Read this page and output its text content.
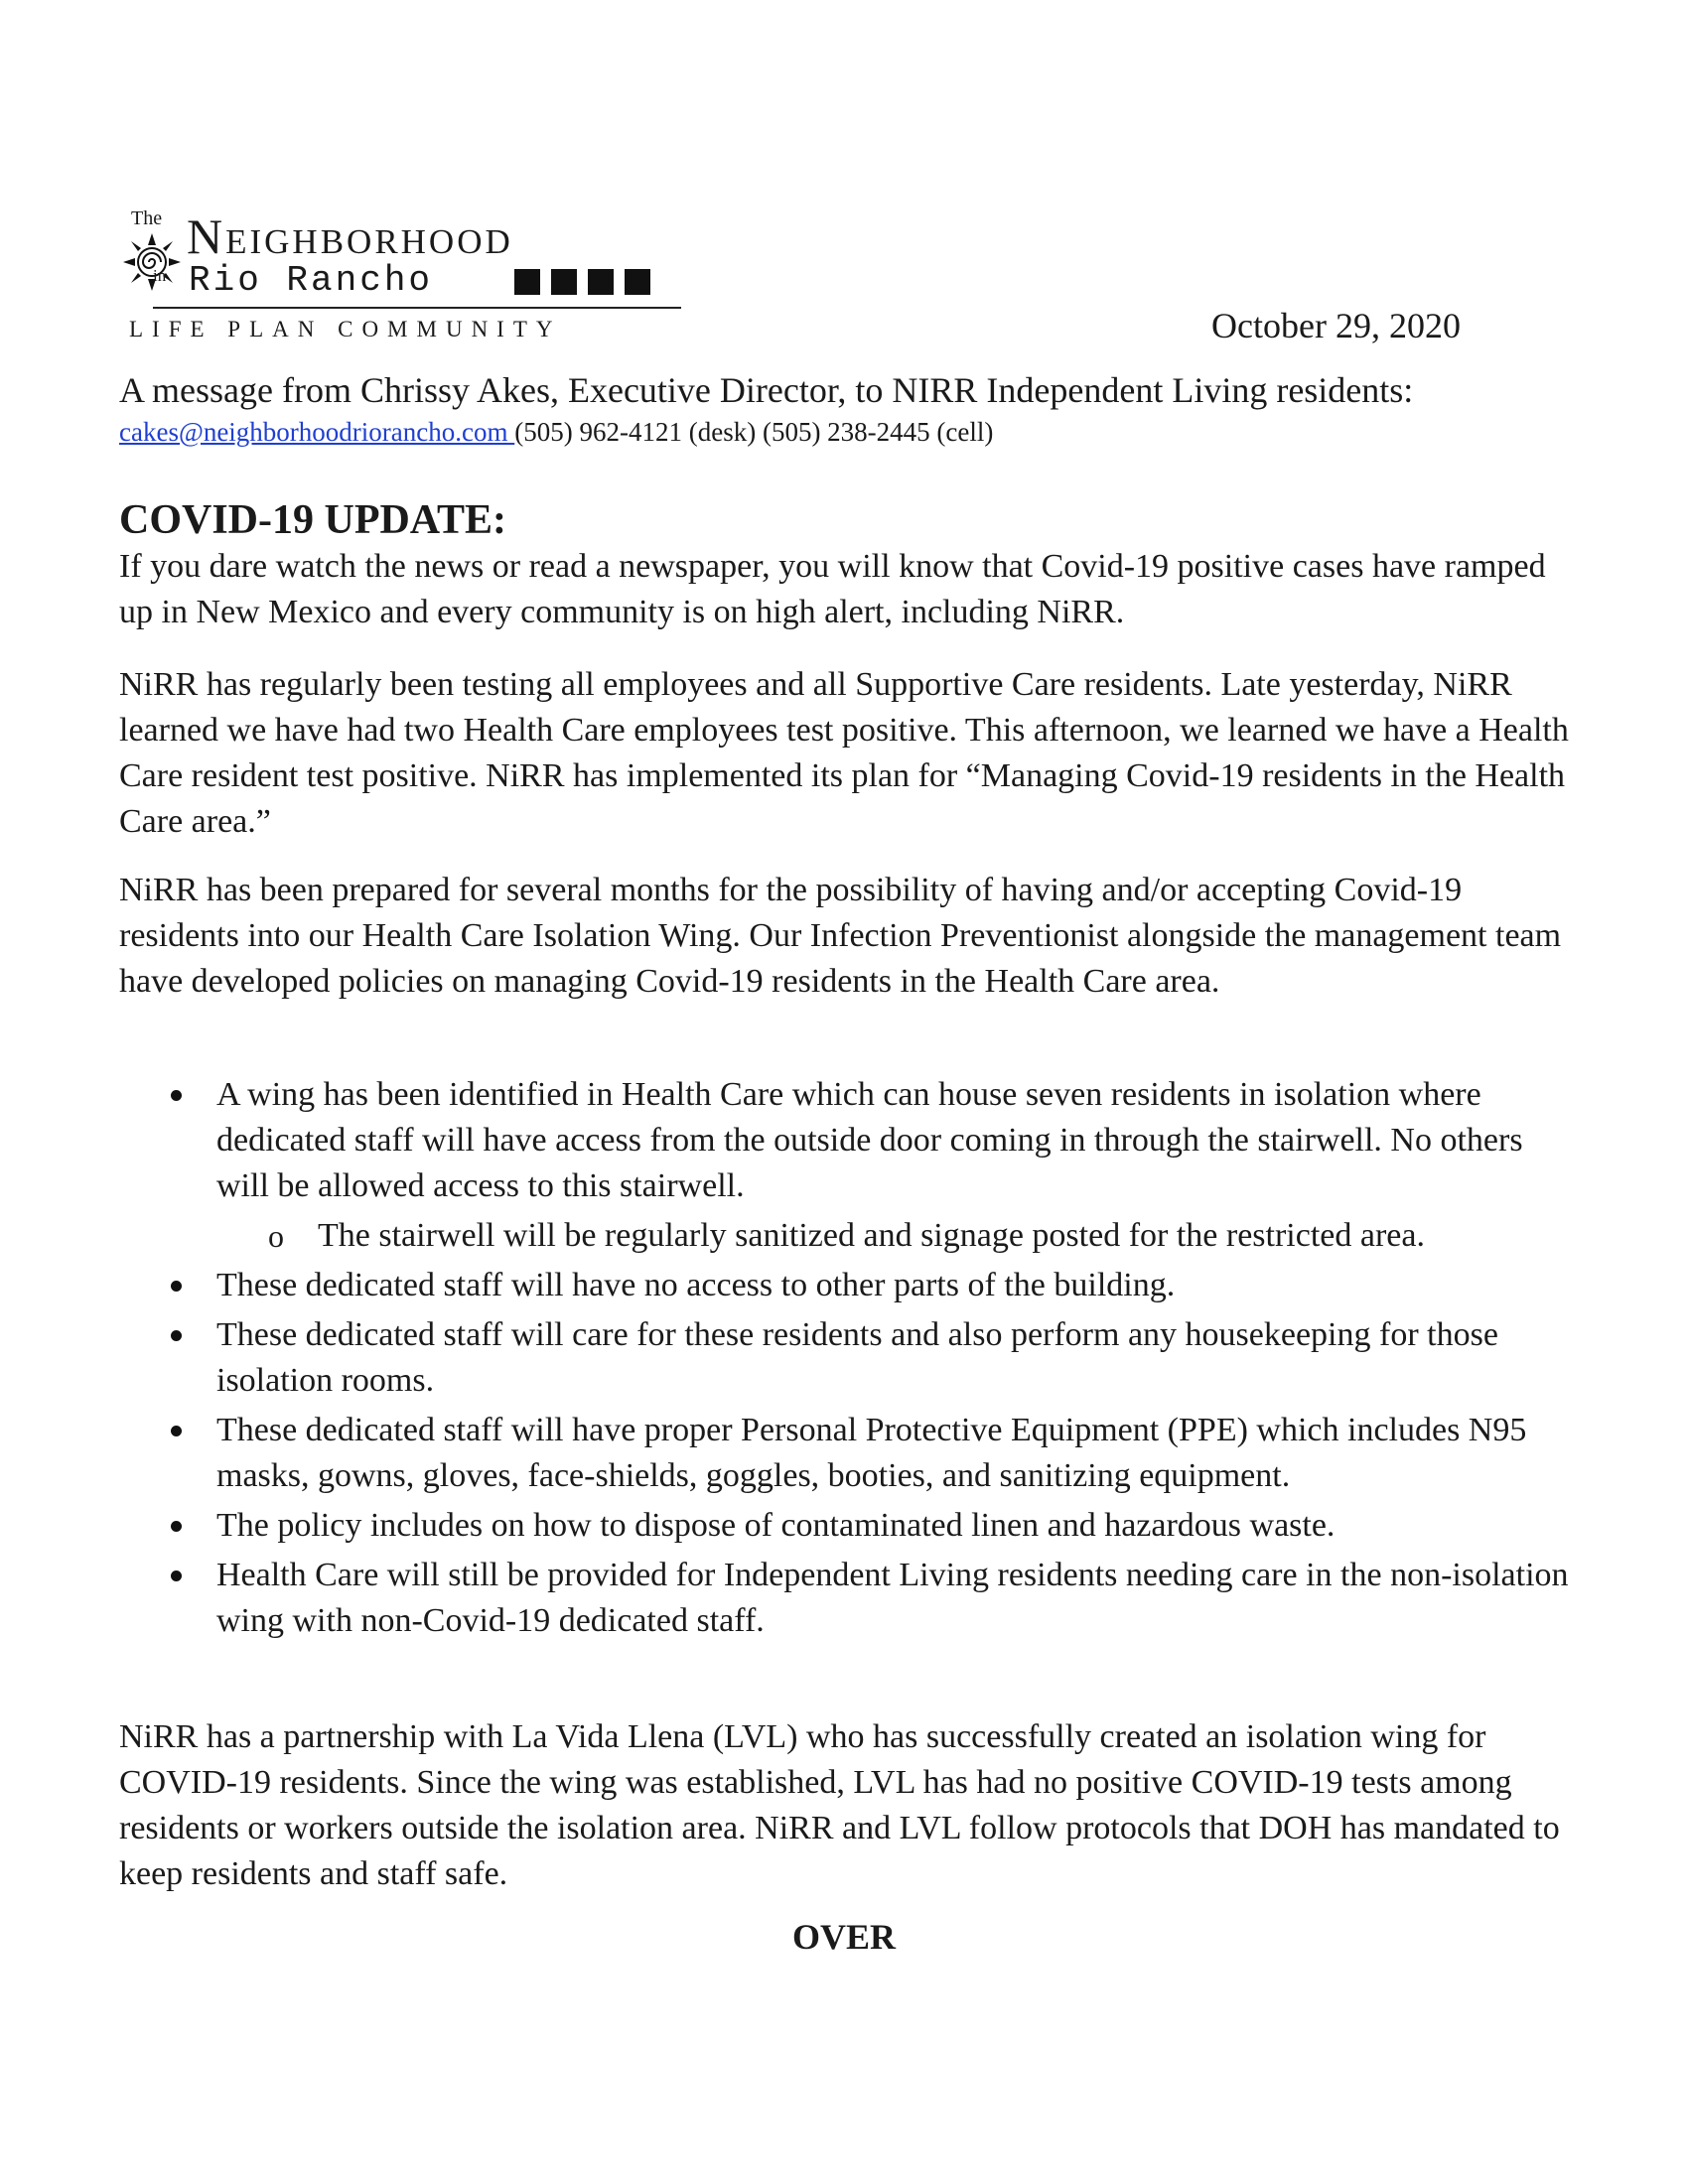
The Neighborhood
in Rio Rancho
LIFE PLAN COMMUNITY	October 29, 2020
A message from Chrissy Akes, Executive Director, to NIRR Independent Living residents:
cakes@neighborhoodriorancho.com (505) 962-4121 (desk) (505) 238-2445 (cell)
COVID-19 UPDATE:

If you dare watch the news or read a newspaper, you will know that Covid-19 positive cases have ramped up in New Mexico and every community is on high alert, including NiRR.

NiRR has regularly been testing all employees and all Supportive Care residents. Late yesterday, NiRR learned we have had two Health Care employees test positive. This afternoon, we learned we have a Health Care resident test positive. NiRR has implemented its plan for “Managing Covid-19 residents in the Health Care area.”

NiRR has been prepared for several months for the possibility of having and/or accepting Covid-19 residents into our Health Care Isolation Wing. Our Infection Preventionist alongside the management team have developed policies on managing Covid-19 residents in the Health Care area.

A wing has been identified in Health Care which can house seven residents in isolation where dedicated staff will have access from the outside door coming in through the stairwell. No others will be allowed access to this stairwell.
o The stairwell will be regularly sanitized and signage posted for the restricted area.
These dedicated staff will have no access to other parts of the building.
These dedicated staff will care for these residents and also perform any housekeeping for those isolation rooms.
These dedicated staff will have proper Personal Protective Equipment (PPE) which includes N95 masks, gowns, gloves, face-shields, goggles, booties, and sanitizing equipment.
The policy includes on how to dispose of contaminated linen and hazardous waste.
Health Care will still be provided for Independent Living residents needing care in the non-isolation wing with non-Covid-19 dedicated staff.

NiRR has a partnership with La Vida Llena (LVL) who has successfully created an isolation wing for COVID-19 residents. Since the wing was established, LVL has had no positive COVID-19 tests among residents or workers outside the isolation area. NiRR and LVL follow protocols that DOH has mandated to keep residents and staff safe.

OVER
